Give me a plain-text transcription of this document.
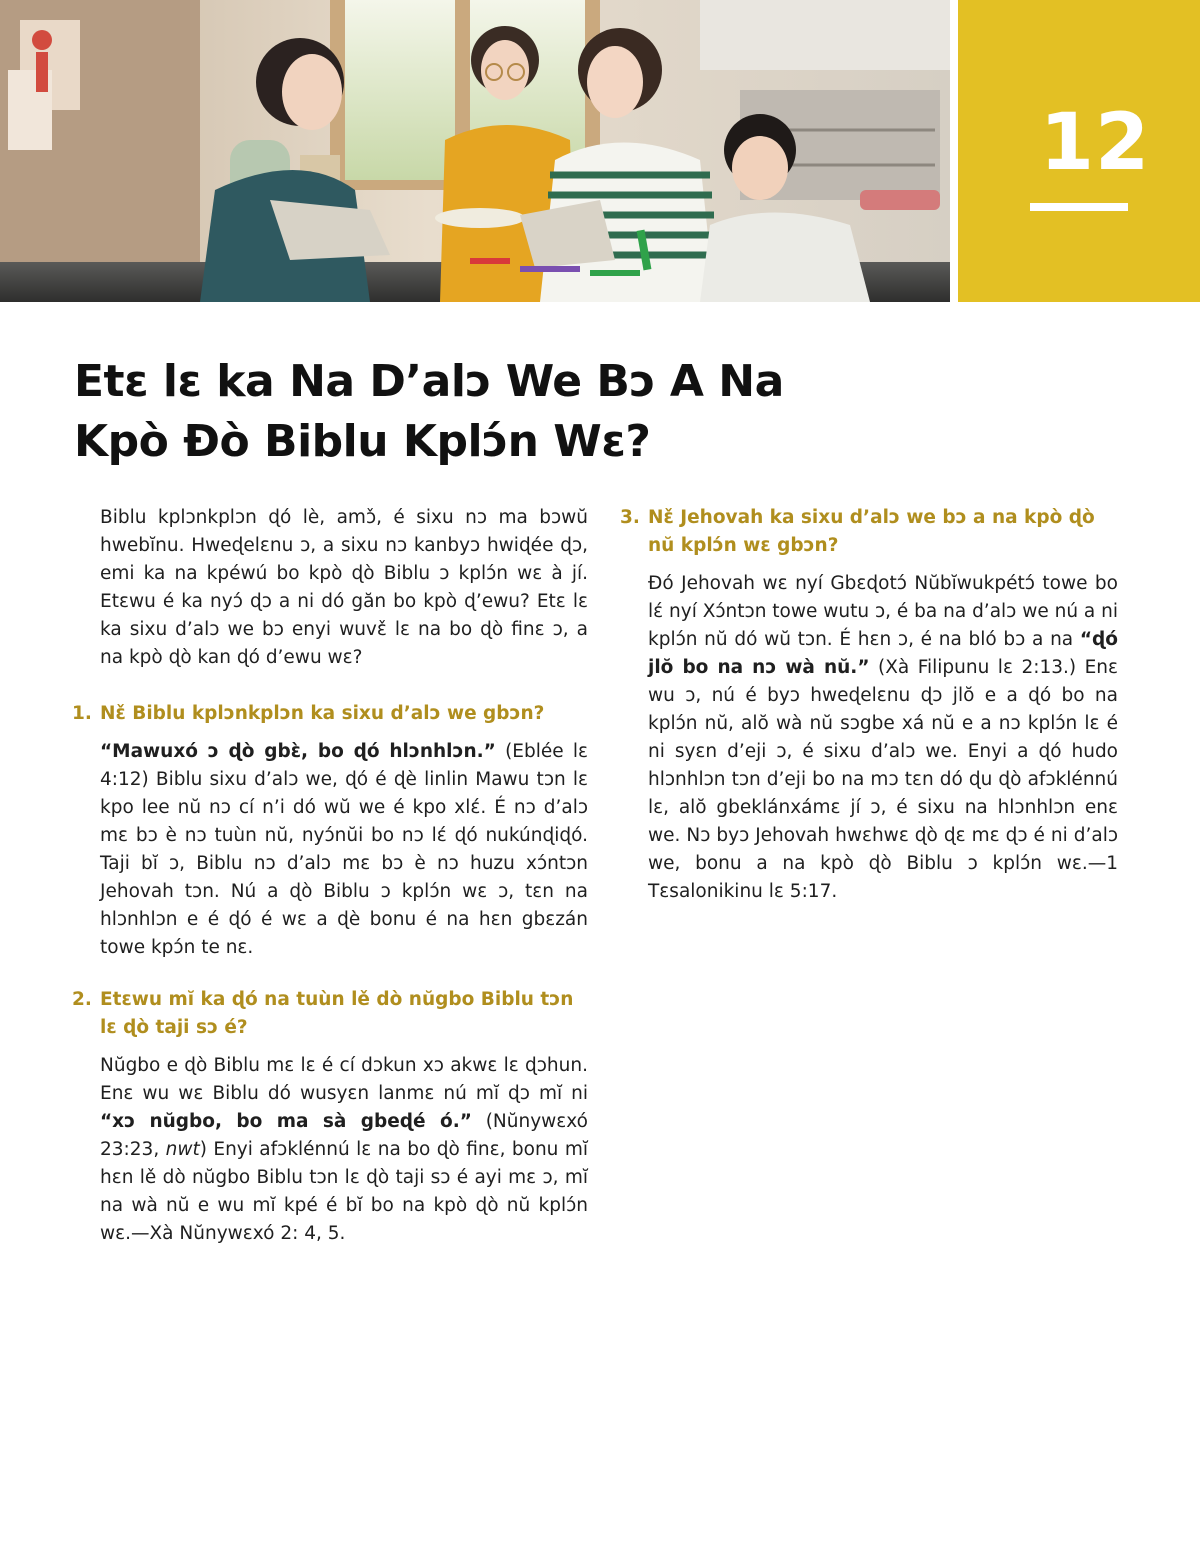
12
Etɛ lɛ ka Na D’alɔ We Bɔ A Na
Kpò Ɖò Biblu Kplɔ́n Wɛ?

Biblu kplɔnkplɔn ɖó lè, amɔ̌, é sixu nɔ ma bɔwŭ hwebĭnu. Hweɖelɛnu ɔ, a sixu nɔ kanbyɔ hwiɖée ɖɔ, emi ka na kpéwú bo kpò ɖò Biblu ɔ kplɔ́n wɛ à jí. Etɛwu é ka nyɔ́ ɖɔ a ni dó găn bo kpò ɖ’ewu? Etɛ lɛ ka sixu d’alɔ we bɔ enyi wuvɛ̌ lɛ na bo ɖò finɛ ɔ, a na kpò ɖò kan ɖó d’ewu wɛ?

1. Nɛ̌ Biblu kplɔnkplɔn ka sixu d’alɔ we gbɔn?

“Mawuxó ɔ ɖò gbɛ̀, bo ɖó hlɔnhlɔn.” (Eblée lɛ 4:12) Biblu sixu d’alɔ we, ɖó é ɖè linlin Mawu tɔn lɛ kpo lee nŭ nɔ cí n’i dó wŭ we é kpo xlɛ́. É nɔ d’alɔ mɛ bɔ è nɔ tuùn nŭ, nyɔ́nŭi bo nɔ lɛ́ ɖó nukúnɖiɖó. Taji bĭ ɔ, Biblu nɔ d’alɔ mɛ bɔ è nɔ huzu xɔ́ntɔn Jehovah tɔn. Nú a ɖò Biblu ɔ kplɔ́n wɛ ɔ, tɛn na hlɔnhlɔn e é ɖó é wɛ a ɖè bonu é na hɛn gbɛzán towe kpɔ́n te nɛ.

2. Etɛwu mĭ ka ɖó na tuùn lě dò nŭgbo Biblu tɔn lɛ ɖò taji sɔ é?

Nŭgbo e ɖò Biblu mɛ lɛ é cí dɔkun xɔ akwɛ lɛ ɖɔhun. Enɛ wu wɛ Biblu dó wusyɛn lanmɛ nú mĭ ɖɔ mĭ ni “xɔ nŭgbo, bo ma sà gbeɖé ó.” (Nŭnywɛxó 23:23, nwt) Enyi afɔklénnú lɛ na bo ɖò finɛ, bonu mĭ hɛn lě dò nŭgbo Biblu tɔn lɛ ɖò taji sɔ é ayi mɛ ɔ, mĭ na wà nŭ e wu mĭ kpé é bĭ bo na kpò ɖò nŭ kplɔ́n wɛ.—Xà Nŭnywɛxó 2: 4, 5.

3. Nɛ̌ Jehovah ka sixu d’alɔ we bɔ a na kpò ɖò nŭ kplɔ́n wɛ gbɔn?

Ðó Jehovah wɛ nyí Gbɛɖotɔ́ Nŭbĭwukpétɔ́ towe bo lɛ́ nyí Xɔ́ntɔn towe wutu ɔ, é ba na d’alɔ we nú a ni kplɔ́n nŭ dó wŭ tɔn. É hɛn ɔ, é na bló bɔ a na “ɖó jlŏ bo na nɔ wà nŭ.” (Xà Filipunu lɛ 2:13.) Enɛ wu ɔ, nú é byɔ hweɖelɛnu ɖɔ jlŏ e a ɖó bo na kplɔ́n nŭ, alŏ wà nŭ sɔgbe xá nŭ e a nɔ kplɔ́n lɛ é ni syɛn d’eji ɔ, é sixu d’alɔ we. Enyi a ɖó hudo hlɔnhlɔn tɔn d’eji bo na mɔ tɛn dó ɖu ɖò afɔklénnú lɛ, alŏ gbeklánxámɛ jí ɔ, é sixu na hlɔnhlɔn enɛ we. Nɔ byɔ Jehovah hwɛhwɛ ɖò ɖɛ mɛ ɖɔ é ni d’alɔ we, bonu a na kpò ɖò Biblu ɔ kplɔ́n wɛ.—1 Tɛsalonikinu lɛ 5:17.
